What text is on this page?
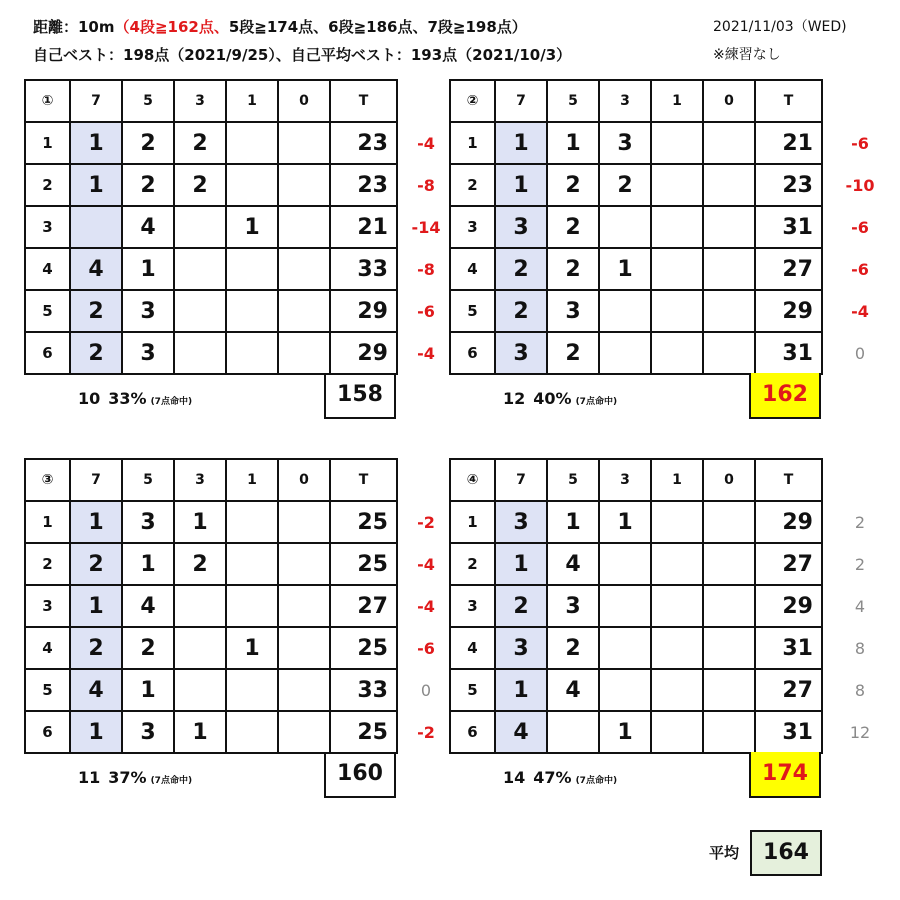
距離：10m（4段≧162点、5段≧174点、6段≧186点、7段≧198点）
自己ベスト：198点（2021/9/25）、自己平均ベスト：193点（2021/10/3）
2021/11/03（WED)
※練習なし
-4
-8
-14
-8
-6
-4
①	7	5	3	1	0	T
1	1	2	2			23
2	1	2	2			23
3		4		1		21
4	4	1				33
5	2	3				29
6	2	3				29
10 33% (7点命中)	158
-6
-10
-6
-6
-4
0
②	7	5	3	1	0	T
1	1	1	3			21
2	1	2	2			23
3	3	2				31
4	2	2	1			27
5	2	3				29
6	3	2				31
12 40% (7点命中)	162
-2
-4
-4
-6
0
-2
③	7	5	3	1	0	T
1	1	3	1			25
2	2	1	2			25
3	1	4				27
4	2	2		1		25
5	4	1				33
6	1	3	1			25
11 37% (7点命中)	160
2
2
4
8
8
12
④	7	5	3	1	0	T
1	3	1	1			29
2	1	4				27
3	2	3				29
4	3	2				31
5	1	4				27
6	4		1			31
14 47% (7点命中)	174
平均	164
